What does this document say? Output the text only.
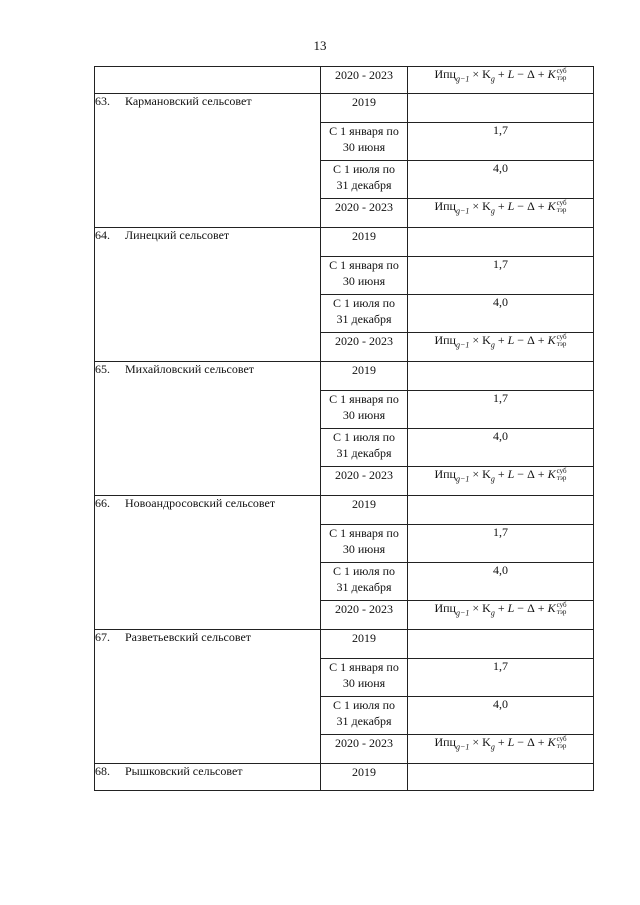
13
	2020 - 2023	$Ипц_{g-1} \times K_g + L - \Delta + K$ суб
тэр

63. Кармановский сельсовет	2019	
	С 1 января по
30 июня	1,7
	С 1 июля по
31 декабря	4,0
	2020 - 2023	$Ипц_{g-1} \times K_g + L - \Delta + K$ суб
тэр

64. Линецкий сельсовет	2019	
	С 1 января по
30 июня	1,7
	С 1 июля по
31 декабря	4,0
	2020 - 2023	$Ипц_{g-1} \times K_g + L - \Delta + K$ суб
тэр

65. Михайловский сельсовет	2019	
	С 1 января по
30 июня	1,7
	С 1 июля по
31 декабря	4,0
	2020 - 2023	$Ипц_{g-1} \times K_g + L - \Delta + K$ суб
тэр

66. Новоандросовский сельсовет	2019	
	С 1 января по
30 июня	1,7
	С 1 июля по
31 декабря	4,0
	2020 - 2023	$Ипц_{g-1} \times K_g + L - \Delta + K$ суб
тэр

67. Разветьевский сельсовет	2019	
	С 1 января по
30 июня	1,7
	С 1 июля по
31 декабря	4,0
	2020 - 2023	$Ипц_{g-1} \times K_g + L - \Delta + K$ суб
тэр

68. Рышковский сельсовет	2019	
